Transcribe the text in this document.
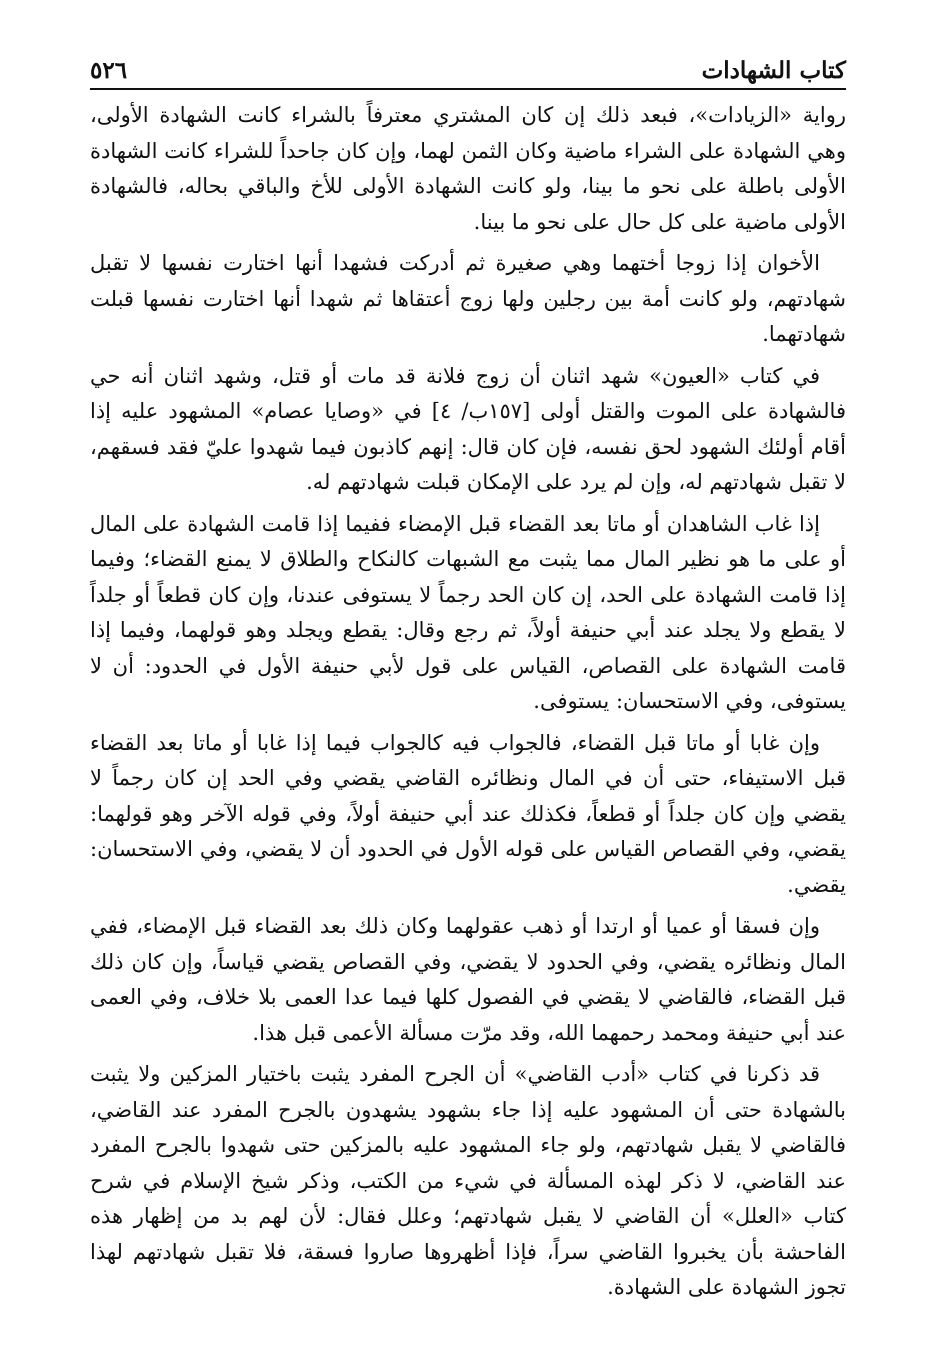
كتاب الشهادات
٥٢٦

رواية «الزيادات»، فبعد ذلك إن كان المشتري معترفاً بالشراء كانت الشهادة الأولى، وهي الشهادة على الشراء ماضية وكان الثمن لهما، وإن كان جاحداً للشراء كانت الشهادة الأولى باطلة على نحو ما بينا، ولو كانت الشهادة الأولى للأخ والباقي بحاله، فالشهادة الأولى ماضية على كل حال على نحو ما بينا.

الأخوان إذا زوجا أختهما وهي صغيرة ثم أدركت فشهدا أنها اختارت نفسها لا تقبل شهادتهم، ولو كانت أمة بين رجلين ولها زوج أعتقاها ثم شهدا أنها اختارت نفسها قبلت شهادتهما.

في كتاب «العيون» شهد اثنان أن زوج فلانة قد مات أو قتل، وشهد اثنان أنه حي فالشهادة على الموت والقتل أولى [١٥٧ب/ ٤] في «وصايا عصام» المشهود عليه إذا أقام أولئك الشهود لحق نفسه، فإن كان قال: إنهم كاذبون فيما شهدوا عليّ فقد فسقهم، لا تقبل شهادتهم له، وإن لم يرد على الإمكان قبلت شهادتهم له.

إذا غاب الشاهدان أو ماتا بعد القضاء قبل الإمضاء ففيما إذا قامت الشهادة على المال أو على ما هو نظير المال مما يثبت مع الشبهات كالنكاح والطلاق لا يمنع القضاء؛ وفيما إذا قامت الشهادة على الحد، إن كان الحد رجماً لا يستوفى عندنا، وإن كان قطعاً أو جلداً لا يقطع ولا يجلد عند أبي حنيفة أولاً، ثم رجع وقال: يقطع ويجلد وهو قولهما، وفيما إذا قامت الشهادة على القصاص، القياس على قول لأبي حنيفة الأول في الحدود: أن لا يستوفى، وفي الاستحسان: يستوفى.

وإن غابا أو ماتا قبل القضاء، فالجواب فيه كالجواب فيما إذا غابا أو ماتا بعد القضاء قبل الاستيفاء، حتى أن في المال ونظائره القاضي يقضي وفي الحد إن كان رجماً لا يقضي وإن كان جلداً أو قطعاً، فكذلك عند أبي حنيفة أولاً، وفي قوله الآخر وهو قولهما: يقضي، وفي القصاص القياس على قوله الأول في الحدود أن لا يقضي، وفي الاستحسان: يقضي.

وإن فسقا أو عميا أو ارتدا أو ذهب عقولهما وكان ذلك بعد القضاء قبل الإمضاء، ففي المال ونظائره يقضي، وفي الحدود لا يقضي، وفي القصاص يقضي قياساً، وإن كان ذلك قبل القضاء، فالقاضي لا يقضي في الفصول كلها فيما عدا العمى بلا خلاف، وفي العمى عند أبي حنيفة ومحمد رحمهما الله، وقد مرّت مسألة الأعمى قبل هذا.

قد ذكرنا في كتاب «أدب القاضي» أن الجرح المفرد يثبت باختيار المزكين ولا يثبت بالشهادة حتى أن المشهود عليه إذا جاء بشهود يشهدون بالجرح المفرد عند القاضي، فالقاضي لا يقبل شهادتهم، ولو جاء المشهود عليه بالمزكين حتى شهدوا بالجرح المفرد عند القاضي، لا ذكر لهذه المسألة في شيء من الكتب، وذكر شيخ الإسلام في شرح كتاب «العلل» أن القاضي لا يقبل شهادتهم؛ وعلل فقال: لأن لهم بد من إظهار هذه الفاحشة بأن يخبروا القاضي سراً، فإذا أظهروها صاروا فسقة، فلا تقبل شهادتهم لهذا تجوز الشهادة على الشهادة.
